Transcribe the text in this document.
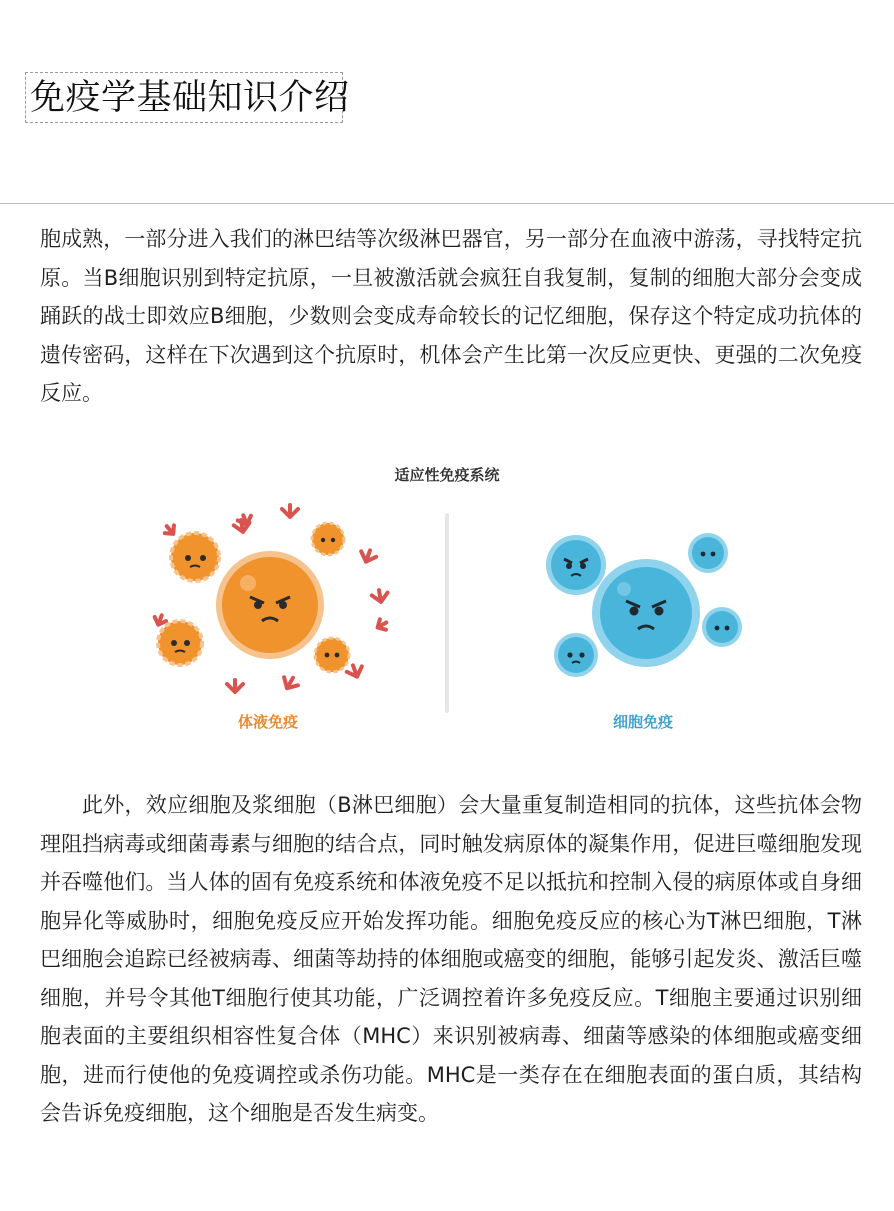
免疫学基础知识介绍

胞成熟，一部分进入我们的淋巴结等次级淋巴器官，另一部分在血液中游荡，寻找特定抗原。当B细胞识别到特定抗原，一旦被激活就会疯狂自我复制，复制的细胞大部分会变成踊跃的战士即效应B细胞，少数则会变成寿命较长的记忆细胞，保存这个特定成功抗体的遗传密码，这样在下次遇到这个抗原时，机体会产生比第一次反应更快、更强的二次免疫反应。

适应性免疫系统
体液免疫	细胞免疫

此外，效应细胞及浆细胞（B淋巴细胞）会大量重复制造相同的抗体，这些抗体会物理阻挡病毒或细菌毒素与细胞的结合点，同时触发病原体的凝集作用，促进巨噬细胞发现并吞噬他们。当人体的固有免疫系统和体液免疫不足以抵抗和控制入侵的病原体或自身细胞异化等威胁时，细胞免疫反应开始发挥功能。细胞免疫反应的核心为T淋巴细胞，T淋巴细胞会追踪已经被病毒、细菌等劫持的体细胞或癌变的细胞，能够引起发炎、激活巨噬细胞，并号令其他T细胞行使其功能，广泛调控着许多免疫反应。T细胞主要通过识别细胞表面的主要组织相容性复合体（MHC）来识别被病毒、细菌等感染的体细胞或癌变细胞，进而行使他的免疫调控或杀伤功能。MHC是一类存在在细胞表面的蛋白质，其结构会告诉免疫细胞，这个细胞是否发生病变。
